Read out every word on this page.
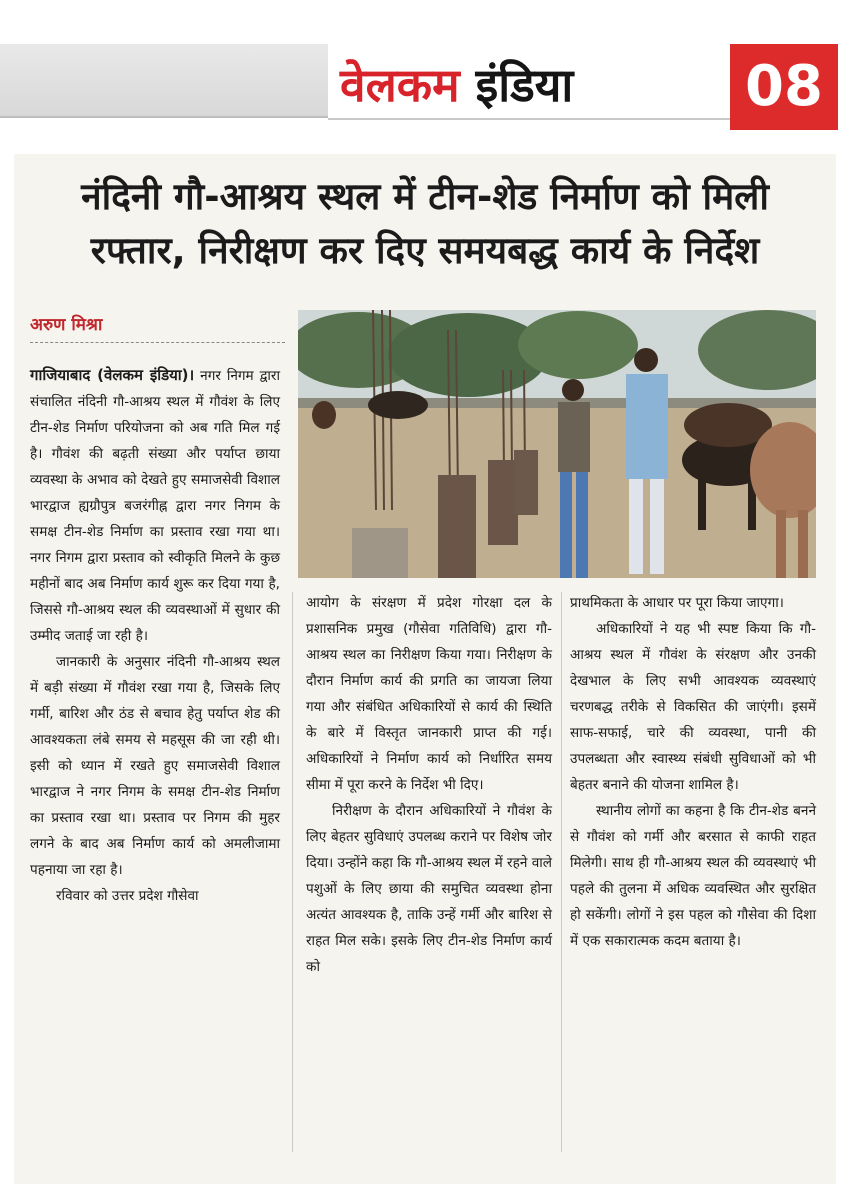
वेलकम इंडिया	08
नंदिनी गौ-आश्रय स्थल में टीन-शेड निर्माण को मिली
रफ्तार, निरीक्षण कर दिए समयबद्ध कार्य के निर्देश
अरुण मिश्रा

गाजियाबाद (वेलकम इंडिया)। नगर निगम द्वारा संचालित नंदिनी गौ-आश्रय स्थल में गौवंश के लिए टीन-शेड निर्माण परियोजना को अब गति मिल गई है। गौवंश की बढ़ती संख्या और पर्याप्त छाया व्यवस्था के अभाव को देखते हुए समाजसेवी विशाल भारद्वाज ह्यग्रौपुत्र बजरंगीह्न द्वारा नगर निगम के समक्ष टीन-शेड निर्माण का प्रस्ताव रखा गया था। नगर निगम द्वारा प्रस्ताव को स्वीकृति मिलने के कुछ महीनों बाद अब निर्माण कार्य शुरू कर दिया गया है, जिससे गौ-आश्रय स्थल की व्यवस्थाओं में सुधार की उम्मीद जताई जा रही है।

जानकारी के अनुसार नंदिनी गौ-आश्रय स्थल में बड़ी संख्या में गौवंश रखा गया है, जिसके लिए गर्मी, बारिश और ठंड से बचाव हेतु पर्याप्त शेड की आवश्यकता लंबे समय से महसूस की जा रही थी। इसी को ध्यान में रखते हुए समाजसेवी विशाल भारद्वाज ने नगर निगम के समक्ष टीन-शेड निर्माण का प्रस्ताव रखा था। प्रस्ताव पर निगम की मुहर लगने के बाद अब निर्माण कार्य को अमलीजामा पहनाया जा रहा है।

रविवार को उत्तर प्रदेश गौसेवा

आयोग के संरक्षण में प्रदेश गोरक्षा दल के प्रशासनिक प्रमुख (गौसेवा गतिविधि) द्वारा गौ-आश्रय स्थल का निरीक्षण किया गया। निरीक्षण के दौरान निर्माण कार्य की प्रगति का जायजा लिया गया और संबंधित अधिकारियों से कार्य की स्थिति के बारे में विस्तृत जानकारी प्राप्त की गई। अधिकारियों ने निर्माण कार्य को निर्धारित समय सीमा में पूरा करने के निर्देश भी दिए।

निरीक्षण के दौरान अधिकारियों ने गौवंश के लिए बेहतर सुविधाएं उपलब्ध कराने पर विशेष जोर दिया। उन्होंने कहा कि गौ-आश्रय स्थल में रहने वाले पशुओं के लिए छाया की समुचित व्यवस्था होना अत्यंत आवश्यक है, ताकि उन्हें गर्मी और बारिश से राहत मिल सके। इसके लिए टीन-शेड निर्माण कार्य को

प्राथमिकता के आधार पर पूरा किया जाएगा।

अधिकारियों ने यह भी स्पष्ट किया कि गौ-आश्रय स्थल में गौवंश के संरक्षण और उनकी देखभाल के लिए सभी आवश्यक व्यवस्थाएं चरणबद्ध तरीके से विकसित की जाएंगी। इसमें साफ-सफाई, चारे की व्यवस्था, पानी की उपलब्धता और स्वास्थ्य संबंधी सुविधाओं को भी बेहतर बनाने की योजना शामिल है।

स्थानीय लोगों का कहना है कि टीन-शेड बनने से गौवंश को गर्मी और बरसात से काफी राहत मिलेगी। साथ ही गौ-आश्रय स्थल की व्यवस्थाएं भी पहले की तुलना में अधिक व्यवस्थित और सुरक्षित हो सकेंगी। लोगों ने इस पहल को गौसेवा की दिशा में एक सकारात्मक कदम बताया है।
